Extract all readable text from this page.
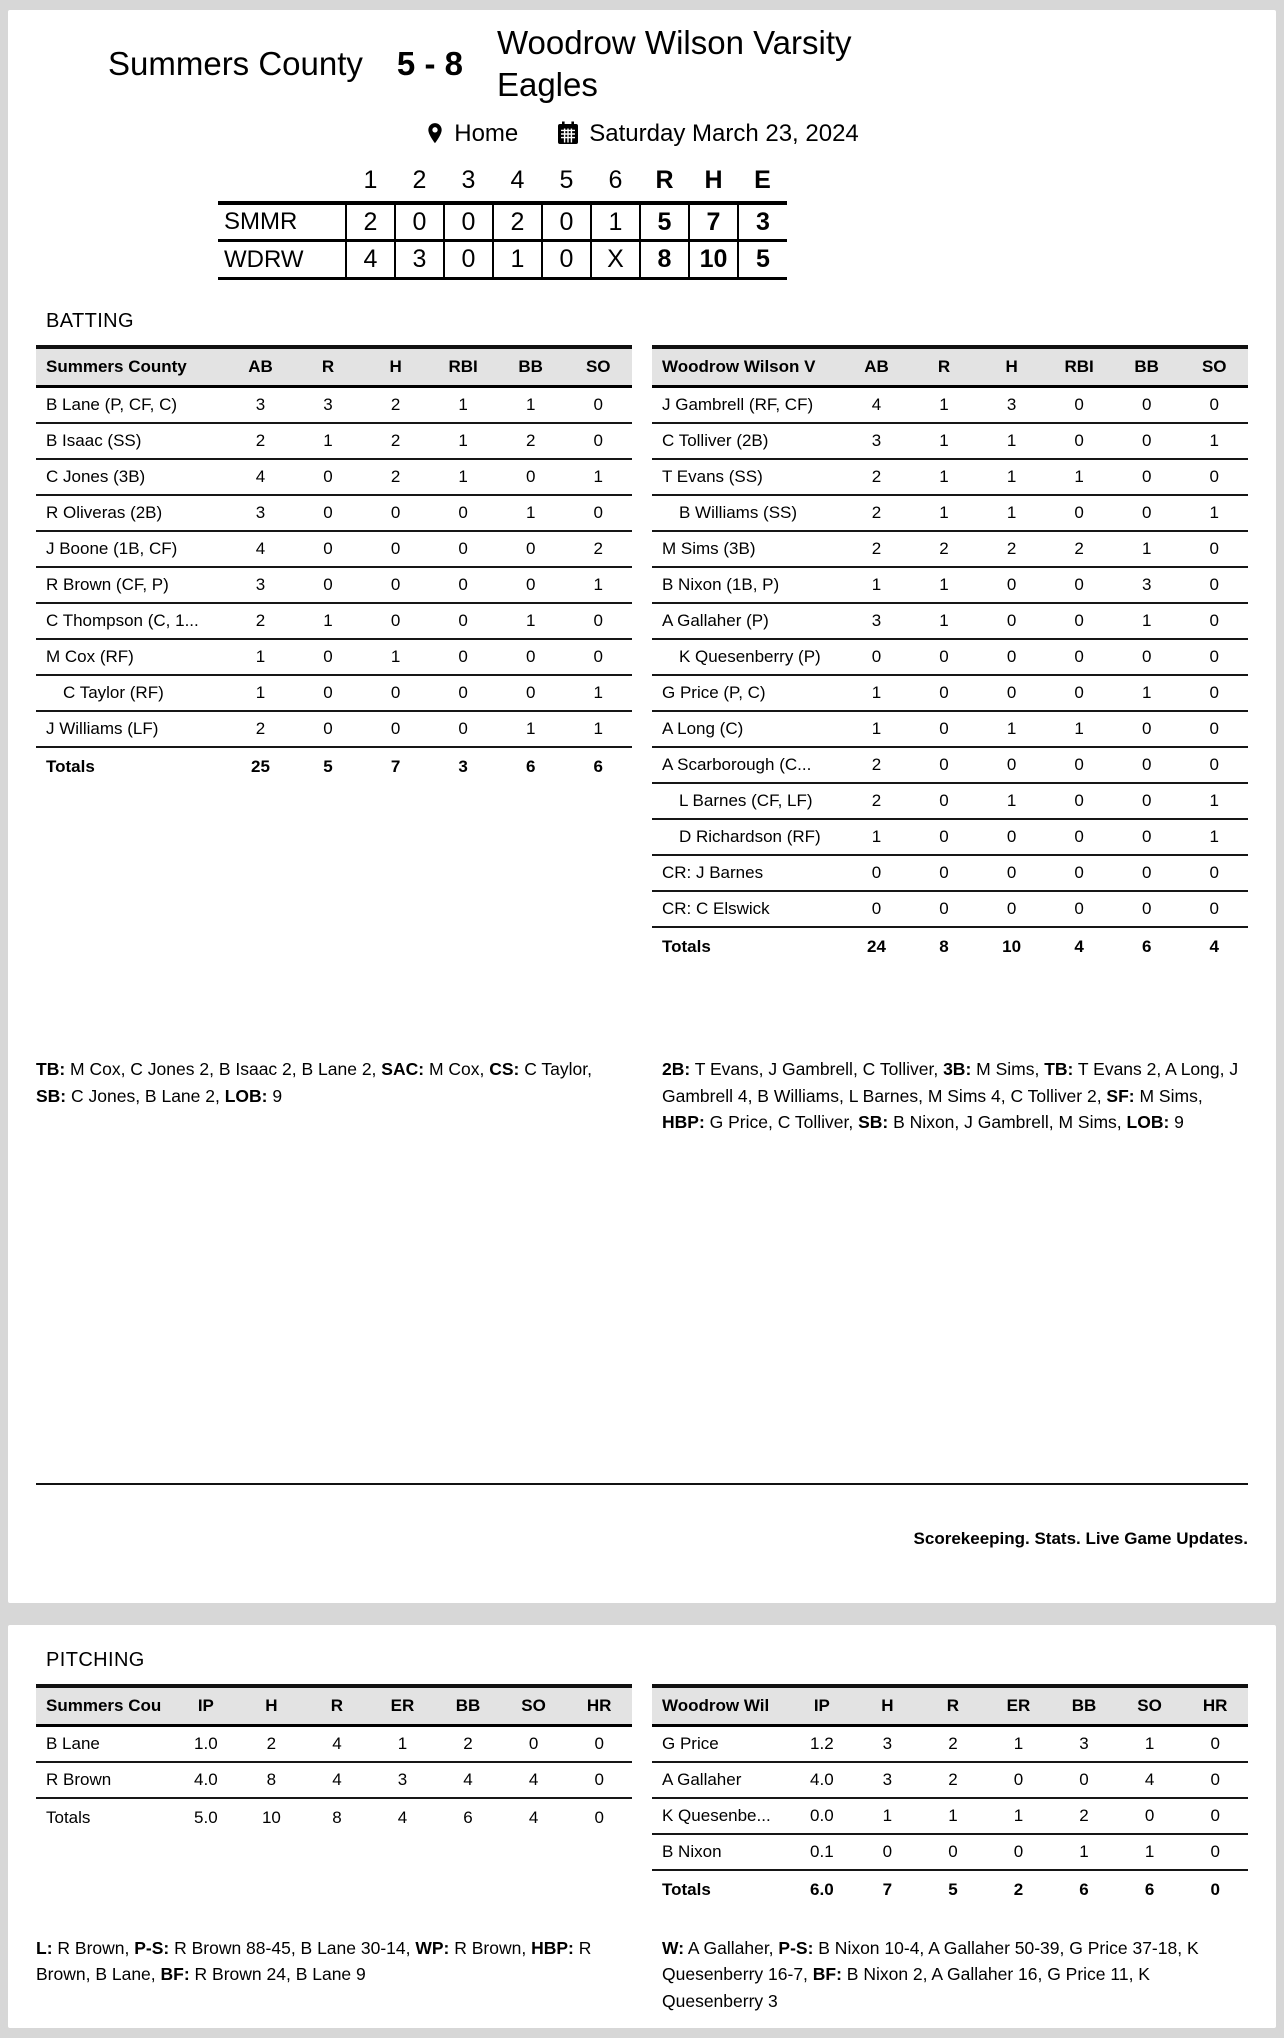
Summers County 5 - 8
Woodrow Wilson Varsity Eagles
Home	Saturday March 23, 2024
	1	2	3	4	5	6	R	H	E
SMMR	2	0	0	2	0	1	5	7	3
WDRW	4	3	0	1	0	X	8	10	5
BATTING
Summers County	AB	R	H	RBI	BB	SO
B Lane (P, CF, C)	3	3	2	1	1	0
B Isaac (SS)	2	1	2	1	2	0
C Jones (3B)	4	0	2	1	0	1
R Oliveras (2B)	3	0	0	0	1	0
J Boone (1B, CF)	4	0	0	0	0	2
R Brown (CF, P)	3	0	0	0	0	1
C Thompson (C, 1...	2	1	0	0	1	0
M Cox (RF)	1	0	1	0	0	0
C Taylor (RF)	1	0	0	0	0	1
J Williams (LF)	2	0	0	0	1	1
Totals	25	5	7	3	6	6
Woodrow Wilson V	AB	R	H	RBI	BB	SO
J Gambrell (RF, CF)	4	1	3	0	0	0
C Tolliver (2B)	3	1	1	0	0	1
T Evans (SS)	2	1	1	1	0	0
B Williams (SS)	2	1	1	0	0	1
M Sims (3B)	2	2	2	2	1	0
B Nixon (1B, P)	1	1	0	0	3	0
A Gallaher (P)	3	1	0	0	1	0
K Quesenberry (P)	0	0	0	0	0	0
G Price (P, C)	1	0	0	0	1	0
A Long (C)	1	0	1	1	0	0
A Scarborough (C...	2	0	0	0	0	0
L Barnes (CF, LF)	2	0	1	0	0	1
D Richardson (RF)	1	0	0	0	0	1
CR: J Barnes	0	0	0	0	0	0
CR: C Elswick	0	0	0	0	0	0
Totals	24	8	10	4	6	4

TB: M Cox, C Jones 2, B Isaac 2, B Lane 2, SAC: M Cox, CS: C Taylor, SB: C Jones, B Lane 2, LOB: 9

2B: T Evans, J Gambrell, C Tolliver, 3B: M Sims, TB: T Evans 2, A Long, J Gambrell 4, B Williams, L Barnes, M Sims 4, C Tolliver 2, SF: M Sims, HBP: G Price, C Tolliver, SB: B Nixon, J Gambrell, M Sims, LOB: 9

Scorekeeping. Stats. Live Game Updates.
PITCHING
Summers Cou	IP	H	R	ER	BB	SO	HR
B Lane	1.0	2	4	1	2	0	0
R Brown	4.0	8	4	3	4	4	0
Totals	5.0	10	8	4	6	4	0
Woodrow Wil	IP	H	R	ER	BB	SO	HR
G Price	1.2	3	2	1	3	1	0
A Gallaher	4.0	3	2	0	0	4	0
K Quesenbe...	0.0	1	1	1	2	0	0
B Nixon	0.1	0	0	0	1	1	0
Totals	6.0	7	5	2	6	6	0

L: R Brown, P-S: R Brown 88-45, B Lane 30-14, WP: R Brown, HBP: R Brown, B Lane, BF: R Brown 24, B Lane 9

W: A Gallaher, P-S: B Nixon 10-4, A Gallaher 50-39, G Price 37-18, K Quesenberry 16-7, BF: B Nixon 2, A Gallaher 16, G Price 11, K Quesenberry 3
